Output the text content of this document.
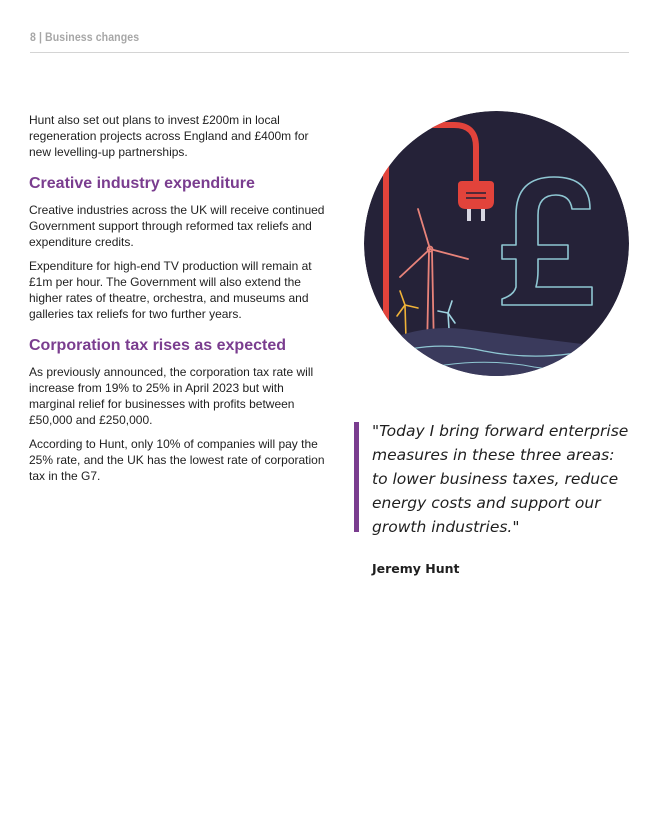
8 | Business changes

Hunt also set out plans to invest £200m in local regeneration projects across England and £400m for new levelling-up partnerships.

Creative industry expenditure

Creative industries across the UK will receive continued Government support through reformed tax reliefs and expenditure credits.

Expenditure for high-end TV production will remain at £1m per hour. The Government will also extend the higher rates of theatre, orchestra, and museums and galleries tax reliefs for two further years.

Corporation tax rises as expected

As previously announced, the corporation tax rate will increase from 19% to 25% in April 2023 but with marginal relief for businesses with profits between £50,000 and £250,000.

According to Hunt, only 10% of companies will pay the 25% rate, and the UK has the lowest rate of corporation tax in the G7.

"Today I bring forward enterprise measures in these three areas: to lower business taxes, reduce energy costs and support our growth industries."
Jeremy Hunt
